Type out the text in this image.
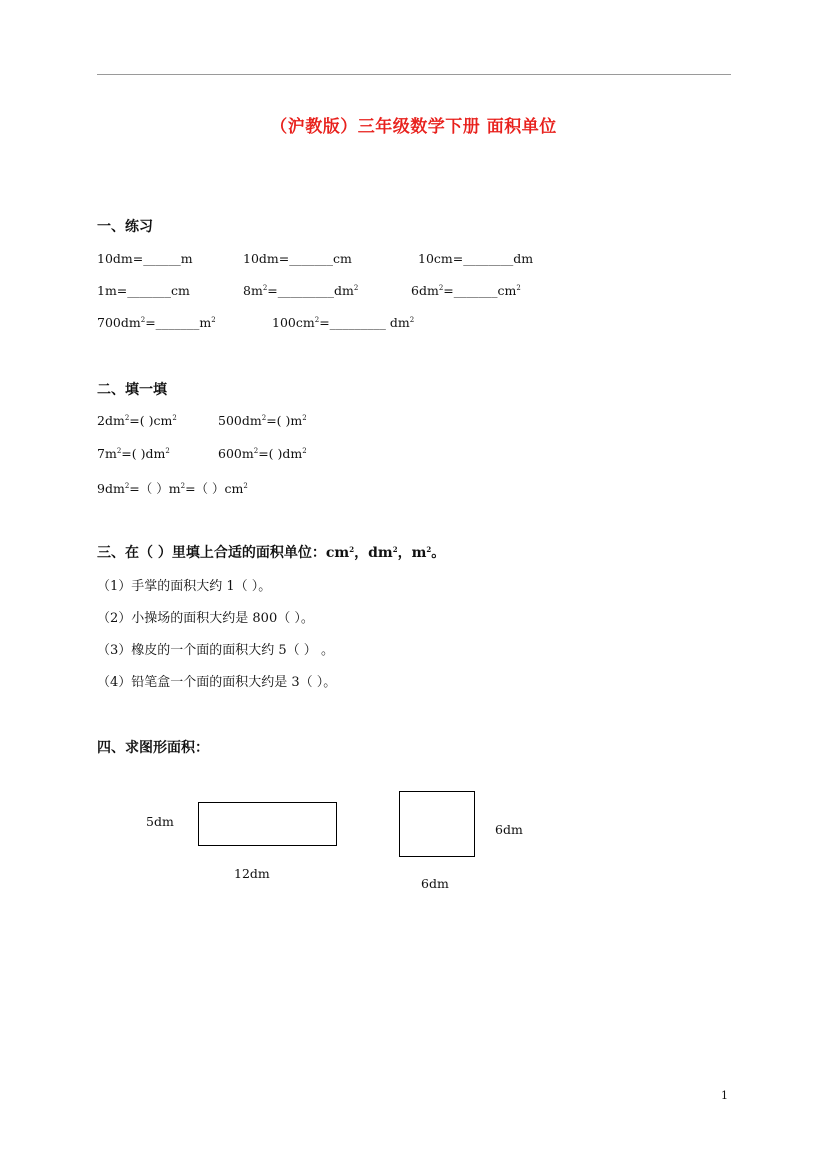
（沪教版）三年级数学下册 面积单位
一、练习
10dm=______m	10dm=_______cm	10cm=________dm
1m=_______cm	$8m^2=\_\_\_\_\_\_\_\_\_dm^2$	$6dm^2=\_\_\_\_\_\_\_cm^2$
$700dm^2=\_\_\_\_\_\_\_m^2$	$100cm^2=\_\_\_\_\_\_\_\_\_$ $dm^2$
二、填一填
$2dm^2=$( )$cm^2$	$500dm^2=$( )$m^2$
$7m^2=$( )$dm^2$	$600m^2=$( )$dm^2$
$9dm^2=$（ ）$m^2=$（ ）$cm^2$
三、在（ ）里填上合适的面积单位：$cm^2$，$dm^2$，$m^2$。
（1）手掌的面积大约 1（ ）。
（2）小操场的面积大约是 800（ ）。
（3）橡皮的一个面的面积大约 5（ ） 。
（4）铅笔盒一个面的面积大约是 3（ ）。
四、求图形面积：
5dm
12dm
6dm
6dm
1
